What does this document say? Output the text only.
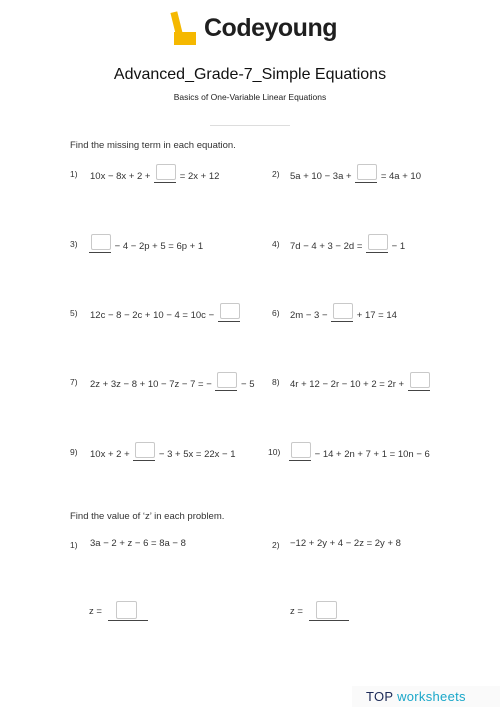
Codeyoung
Advanced_Grade-7_Simple Equations
Basics of One-Variable Linear Equations
Find the missing term in each equation.
1) 10x − 8x + 2 +	= 2x + 12	2) 5a + 10 − 3a +	= 4a + 10
3)	− 4 − 2p + 5 = 6p + 1	4) 7d − 4 + 3 − 2d =	− 1
5) 12c − 8 − 2c + 10 − 4 = 10c −	6) 2m − 3 −	+ 17 = 14
7) 2z + 3z − 8 + 10 − 7z − 7 = −	− 5 8) 4r + 12 − 2r − 10 + 2 = 2r +
9) 10x + 2 +	− 3 + 5x = 22x − 1	10)	− 14 + 2n + 7 + 1 = 10n − 6
Find the value of ‘z’ in each problem.
1) 3a − 2 + z − 6 = 8a − 8	2) −12 + 2y + 4 − 2z = 2y + 8
z =	z =
TOP worksheets
